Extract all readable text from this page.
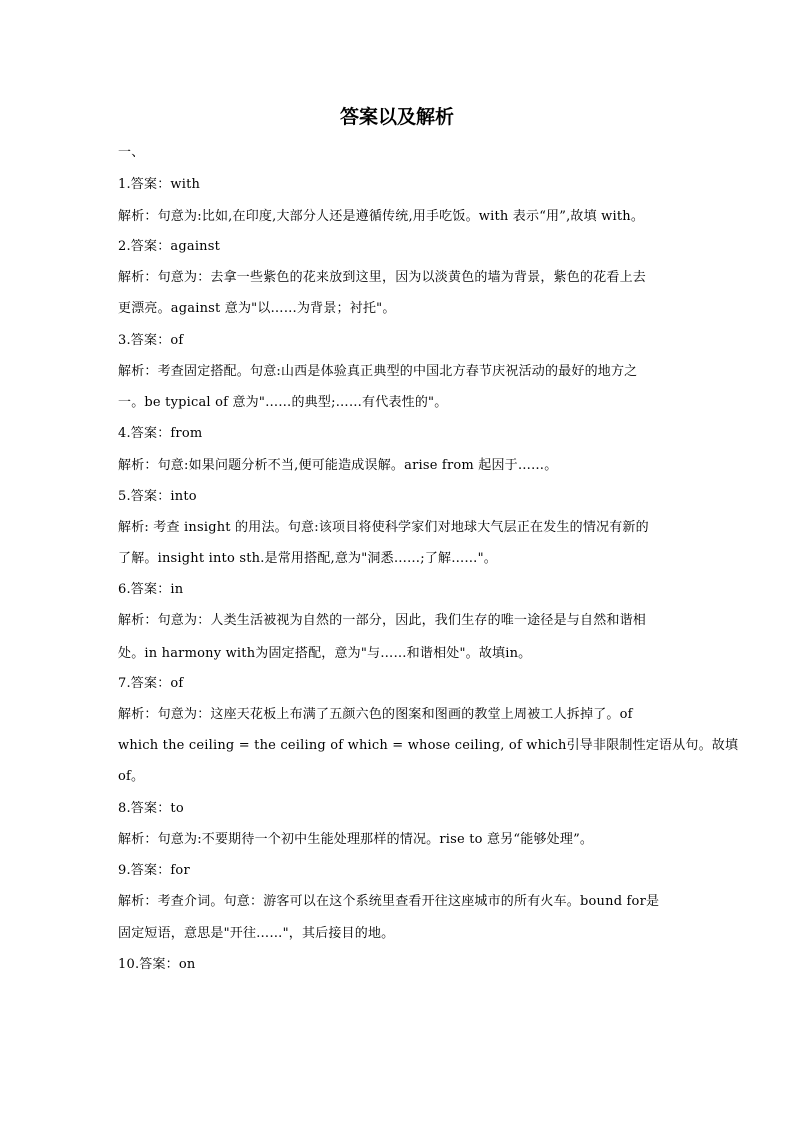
答案以及解析
一、
1.答案：with
解析：句意为:比如,在印度,大部分人还是遵循传统,用手吃饭。with 表示“用”,故填 with。
2.答案：against
解析：句意为：去拿一些紫色的花来放到这里，因为以淡黄色的墙为背景，紫色的花看上去
更漂亮。against 意为"以……为背景；衬托"。
3.答案：of
解析：考查固定搭配。句意:山西是体验真正典型的中国北方春节庆祝活动的最好的地方之
一。be typical of 意为"……的典型;……有代表性的"。
4.答案：from
解析：句意:如果问题分析不当,便可能造成误解。arise from 起因于……。
5.答案：into
解析: 考查 insight 的用法。句意:该项目将使科学家们对地球大气层正在发生的情况有新的
了解。insight into sth.是常用搭配,意为"洞悉……;了解……"。
6.答案：in
解析：句意为：人类生活被视为自然的一部分，因此，我们生存的唯一途径是与自然和谐相
处。in harmony with为固定搭配，意为"与……和谐相处"。故填in。
7.答案：of
解析：句意为：这座天花板上布满了五颜六色的图案和图画的教堂上周被工人拆掉了。of
which the ceiling = the ceiling of which = whose ceiling, of which引导非限制性定语从句。故填
of。
8.答案：to
解析：句意为:不要期待一个初中生能处理那样的情况。rise to 意另“能够处理”。
9.答案：for
解析：考查介词。句意：游客可以在这个系统里查看开往这座城市的所有火车。bound for是
固定短语，意思是"开往……"，其后接目的地。
10.答案：on
